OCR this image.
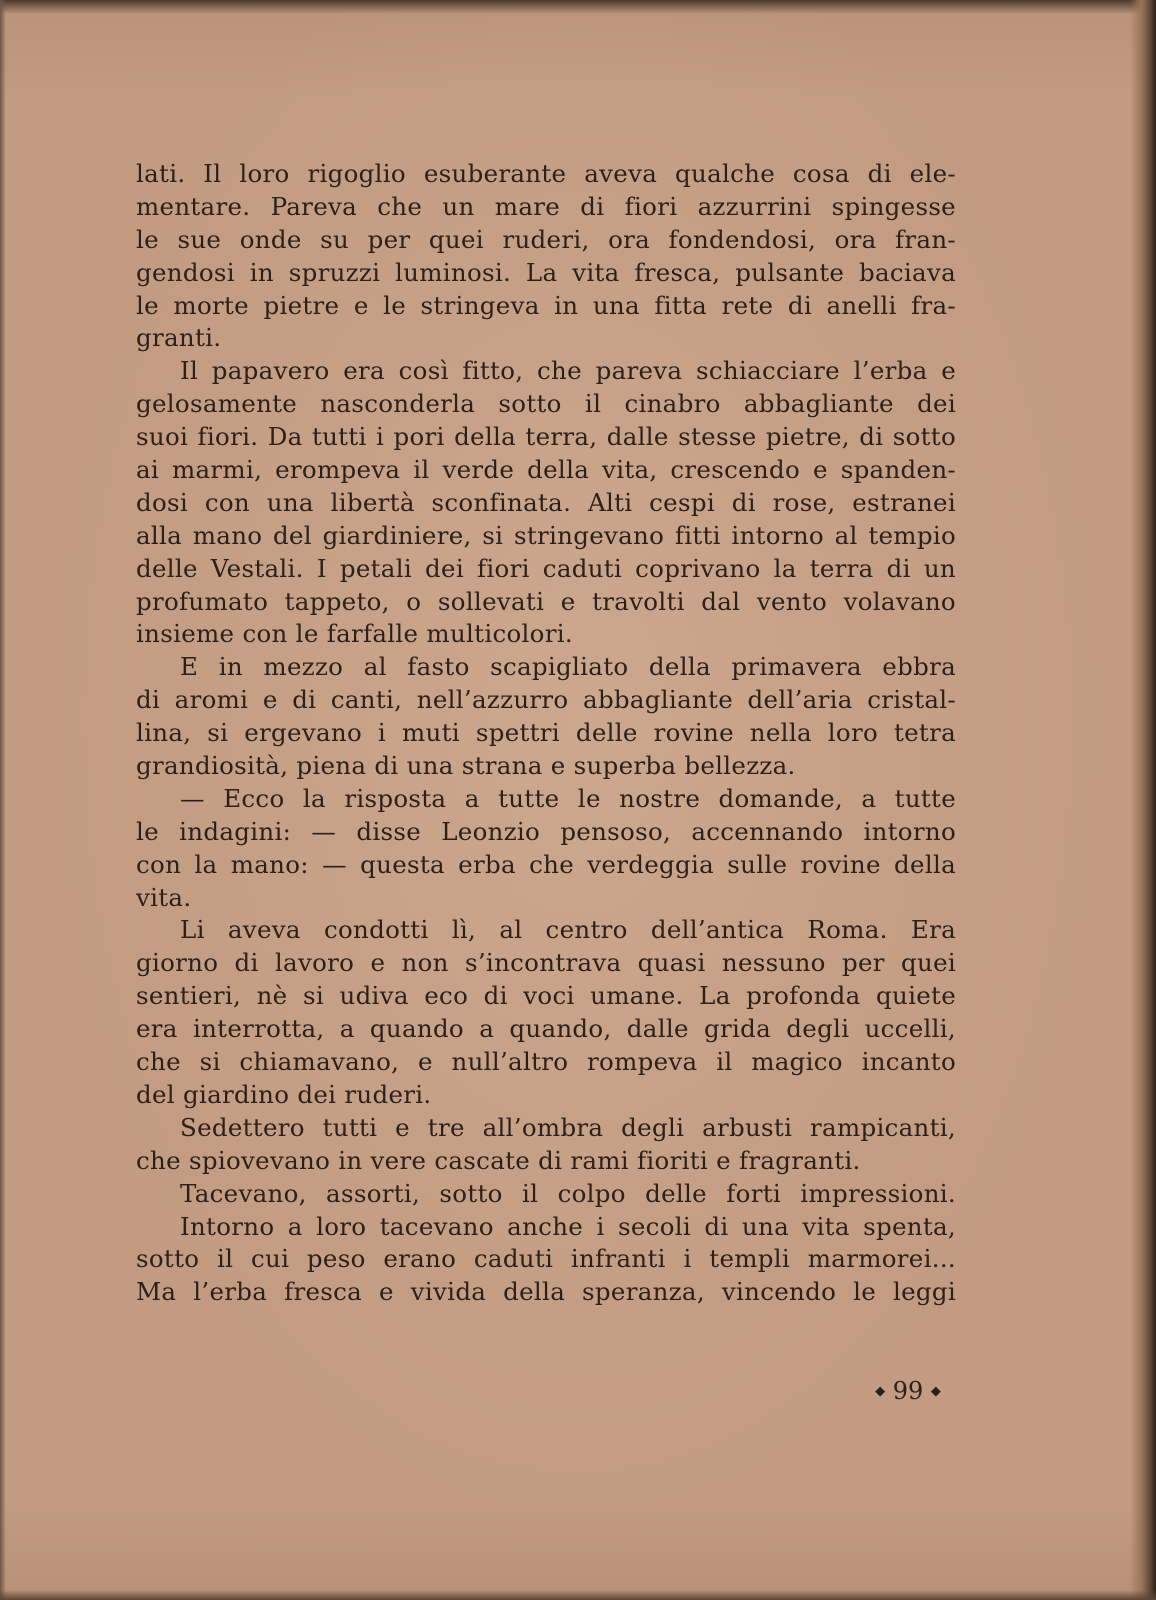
lati. Il loro rigoglio esuberante aveva qualche cosa di ele-
mentare. Pareva che un mare di fiori azzurrini spingesse
le sue onde su per quei ruderi, ora fondendosi, ora fran-
gendosi in spruzzi luminosi. La vita fresca, pulsante baciava
le morte pietre e le stringeva in una fitta rete di anelli fra-
granti.
Il papavero era così fitto, che pareva schiacciare l’erba e
gelosamente nasconderla sotto il cinabro abbagliante dei
suoi fiori. Da tutti i pori della terra, dalle stesse pietre, di sotto
ai marmi, erompeva il verde della vita, crescendo e spanden-
dosi con una libertà sconfinata. Alti cespi di rose, estranei
alla mano del giardiniere, si stringevano fitti intorno al tempio
delle Vestali. I petali dei fiori caduti coprivano la terra di un
profumato tappeto, o sollevati e travolti dal vento volavano
insieme con le farfalle multicolori.
E in mezzo al fasto scapigliato della primavera ebbra
di aromi e di canti, nell’azzurro abbagliante dell’aria cristal-
lina, si ergevano i muti spettri delle rovine nella loro tetra
grandiosità, piena di una strana e superba bellezza.
— Ecco la risposta a tutte le nostre domande, a tutte
le indagini: — disse Leonzio pensoso, accennando intorno
con la mano: — questa erba che verdeggia sulle rovine della
vita.
Li aveva condotti lì, al centro dell’antica Roma. Era
giorno di lavoro e non s’incontrava quasi nessuno per quei
sentieri, nè si udiva eco di voci umane. La profonda quiete
era interrotta, a quando a quando, dalle grida degli uccelli,
che si chiamavano, e null’altro rompeva il magico incanto
del giardino dei ruderi.
Sedettero tutti e tre all’ombra degli arbusti rampicanti,
che spiovevano in vere cascate di rami fioriti e fragranti.
Tacevano, assorti, sotto il colpo delle forti impressioni.
Intorno a loro tacevano anche i secoli di una vita spenta,
sotto il cui peso erano caduti infranti i templi marmorei...
Ma l’erba fresca e vivida della speranza, vincendo le leggi
◆ 99 ◆
